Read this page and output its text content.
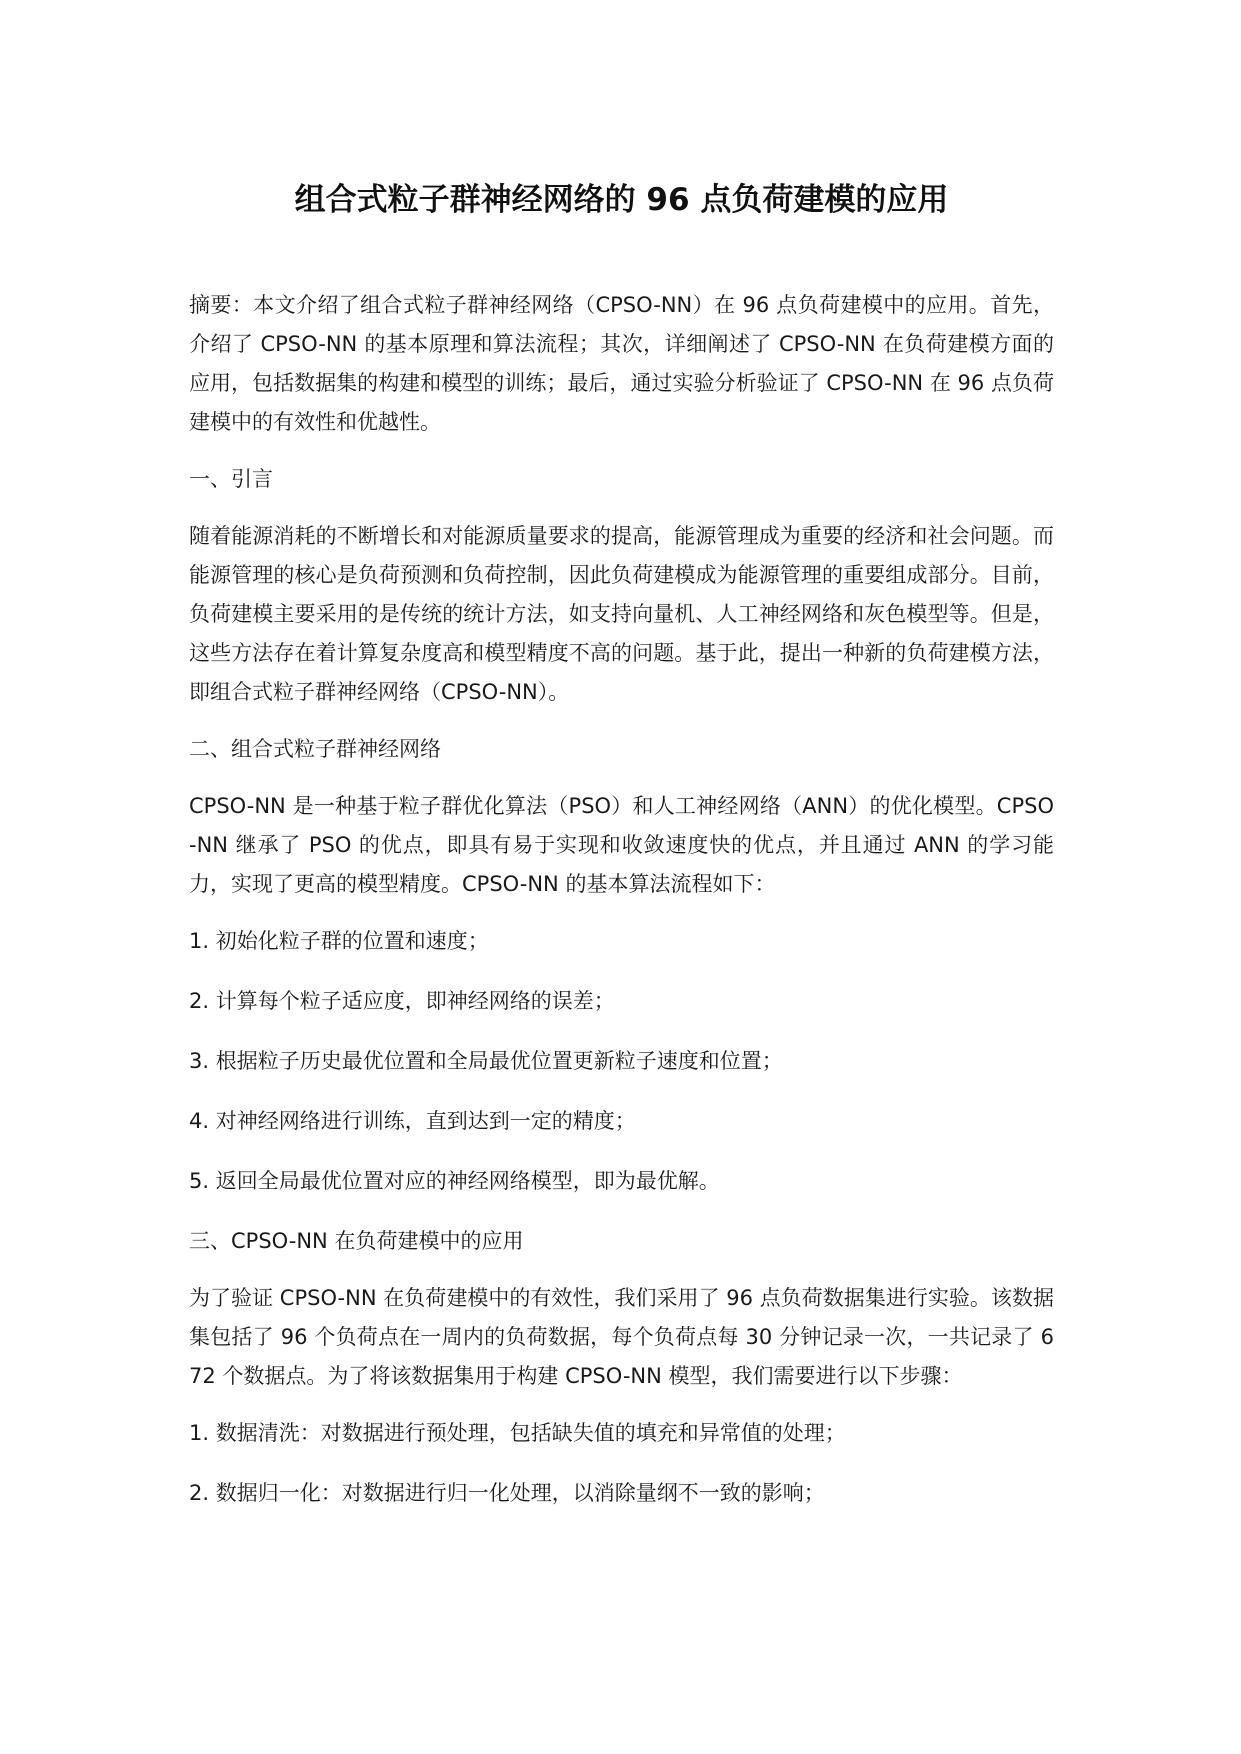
组合式粒子群神经网络的 96 点负荷建模的应用

摘要：本文介绍了组合式粒子群神经网络（CPSO-NN）在 96 点负荷建模中的应用。首先，介绍了 CPSO-NN 的基本原理和算法流程；其次，详细阐述了 CPSO-NN 在负荷建模方面的应用，包括数据集的构建和模型的训练；最后，通过实验分析验证了 CPSO-NN 在 96 点负荷建模中的有效性和优越性。

一、引言

随着能源消耗的不断增长和对能源质量要求的提高，能源管理成为重要的经济和社会问题。而能源管理的核心是负荷预测和负荷控制，因此负荷建模成为能源管理的重要组成部分。目前，负荷建模主要采用的是传统的统计方法，如支持向量机、人工神经网络和灰色模型等。但是，这些方法存在着计算复杂度高和模型精度不高的问题。基于此，提出一种新的负荷建模方法，即组合式粒子群神经网络（CPSO-NN）。

二、组合式粒子群神经网络

CPSO-NN 是一种基于粒子群优化算法（PSO）和人工神经网络（ANN）的优化模型。CPSO-NN 继承了 PSO 的优点，即具有易于实现和收敛速度快的优点，并且通过 ANN 的学习能力，实现了更高的模型精度。CPSO-NN 的基本算法流程如下：

1. 初始化粒子群的位置和速度；
2. 计算每个粒子适应度，即神经网络的误差；
3. 根据粒子历史最优位置和全局最优位置更新粒子速度和位置；
4. 对神经网络进行训练，直到达到一定的精度；
5. 返回全局最优位置对应的神经网络模型，即为最优解。
三、CPSO-NN 在负荷建模中的应用

为了验证 CPSO-NN 在负荷建模中的有效性，我们采用了 96 点负荷数据集进行实验。该数据集包括了 96 个负荷点在一周内的负荷数据，每个负荷点每 30 分钟记录一次，一共记录了 672 个数据点。为了将该数据集用于构建 CPSO-NN 模型，我们需要进行以下步骤：

1. 数据清洗：对数据进行预处理，包括缺失值的填充和异常值的处理；
2. 数据归一化：对数据进行归一化处理，以消除量纲不一致的影响；
